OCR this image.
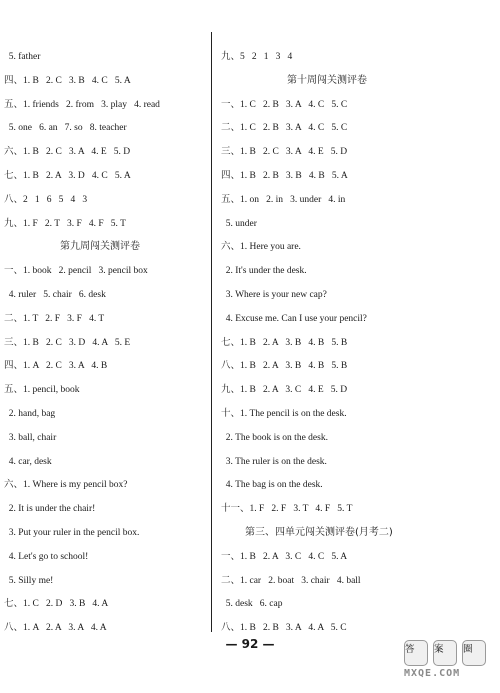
5. father
四、1. B   2. C   3. B   4. C   5. A
五、1. friends   2. from   3. play   4. read
5. one   6. an   7. so   8. teacher
六、1. B   2. C   3. A   4. E   5. D
七、1. B   2. A   3. D   4. C   5. A
八、2   1   6   5   4   3
九、1. F   2. T   3. F   4. F   5. T
第九周闯关测评卷
一、1. book   2. pencil   3. pencil box
4. ruler   5. chair   6. desk
二、1. T   2. F   3. F   4. T
三、1. B   2. C   3. D   4. A   5. E
四、1. A   2. C   3. A   4. B
五、1. pencil, book
2. hand, bag
3. ball, chair
4. car, desk
六、1. Where is my pencil box?
2. It is under the chair!
3. Put your ruler in the pencil box.
4. Let's go to school!
5. Silly me!
七、1. C   2. D   3. B   4. A
八、1. A   2. A   3. A   4. A
九、5   2   1   3   4
第十周闯关测评卷
一、1. C   2. B   3. A   4. C   5. C
二、1. C   2. B   3. A   4. C   5. C
三、1. B   2. C   3. A   4. E   5. D
四、1. B   2. B   3. B   4. B   5. A
五、1. on   2. in   3. under   4. in
5. under
六、1. Here you are.
2. It's under the desk.
3. Where is your new cap?
4. Excuse me. Can I use your pencil?
七、1. B   2. A   3. B   4. B   5. B
八、1. B   2. A   3. B   4. B   5. B
九、1. B   2. A   3. C   4. E   5. D
十、1. The pencil is on the desk.
2. The book is on the desk.
3. The ruler is on the desk.
4. The bag is on the desk.
十一、1. F   2. F   3. T   4. F   5. T
第三、四单元闯关测评卷(月考二)
一、1. B   2. A   3. C   4. C   5. A
二、1. car   2. boat   3. chair   4. ball
5. desk   6. cap
八、1. B   2. B   3. A   4. A   5. C
— 92 —	答	案	圈
MXQE.COM
